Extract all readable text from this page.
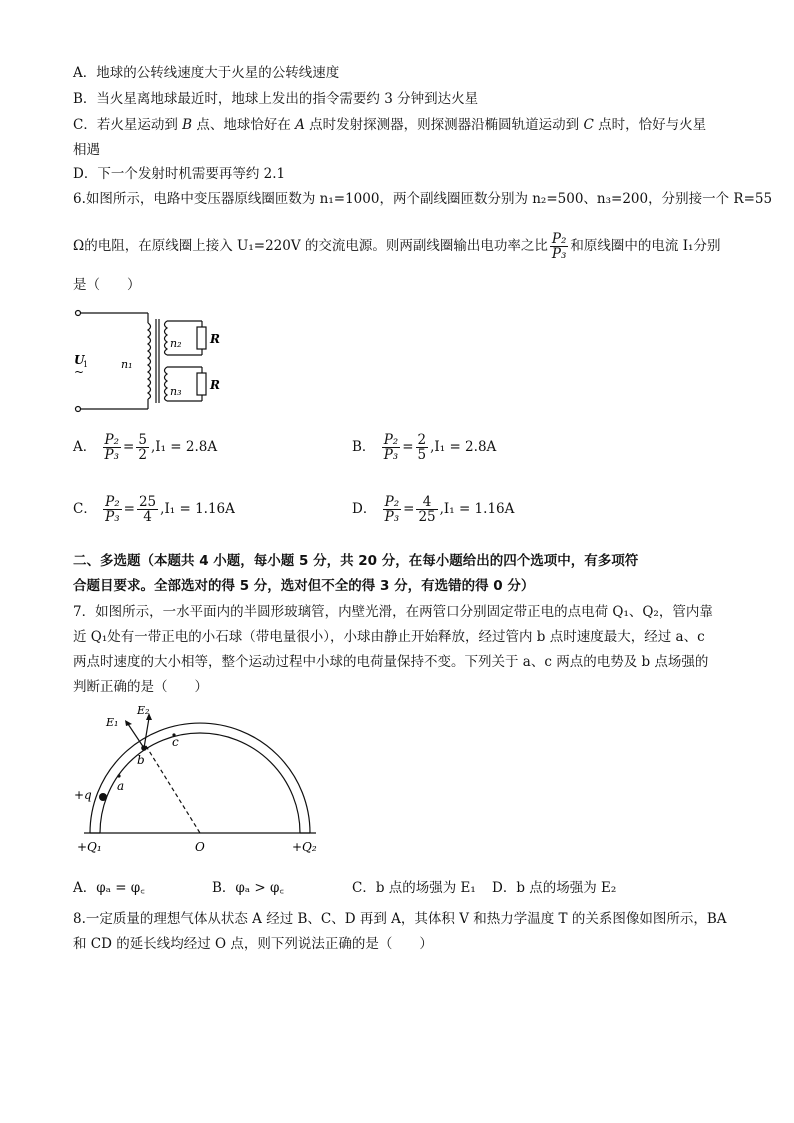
A．地球的公转线速度大于火星的公转线速度
B．当火星离地球最近时，地球上发出的指令需要约 3 分钟到达火星
C．若火星运动到 B 点、地球恰好在 A 点时发射探测器，则探测器沿椭圆轨道运动到 C 点时，恰好与火星
相遇
D．下一个发射时机需要再等约 2.1
6.如图所示，电路中变压器原线圈匝数为 n₁=1000，两个副线圈匝数分别为 n₂=500、n₃=200，分别接一个 R=55
Ω的电阻，在原线圈上接入 U₁=220V 的交流电源。则两副线圈输出电功率之比 $\frac{\text{P₂}}{\text{P₃}}$ 和原线圈中的电流 I₁分别
是（　　）
U
1
~
n₁
n₂
n₃
R
R
A． $\frac{\text{P₂}}{\text{P₃}} = \frac{5}{2} ,I_1 = 2.8A$	B． $\frac{\text{P₂}}{\text{P₃}} = \frac{2}{5} ,I_1 = 2.8A$
C． $\frac{\text{P₂}}{\text{P₃}} = \frac{25}{4} ,I_1 = 1.16A$	D． $\frac{\text{P₂}}{\text{P₃}} = \frac{4}{25} ,I_1 = 1.16A$
二、多选题（本题共 4 小题，每小题 5 分，共 20 分，在每小题给出的四个选项中，有多项符
合题目要求。全部选对的得 5 分，选对但不全的得 3 分，有选错的得 0 分）
7．如图所示，一水平面内的半圆形玻璃管，内壁光滑，在两管口分别固定带正电的点电荷 Q₁、Q₂，管内靠
近 Q₁处有一带正电的小石球（带电量很小），小球由静止开始释放，经过管内 b 点时速度最大，经过 a、c
两点时速度的大小相等，整个运动过程中小球的电荷量保持不变。下列关于 a、c 两点的电势及 b 点场强的
判断正确的是（　　）
E₁
E₂
b
c
a
+q
+Q₁	O	+Q₂
A．φₐ = φ꜀	B．φₐ > φ꜀	C．b 点的场强为 E₁ D．b 点的场强为 E₂
8.一定质量的理想气体从状态 A 经过 B、C、D 再到 A，其体积 V 和热力学温度 T 的关系图像如图所示，BA
和 CD 的延长线均经过 O 点，则下列说法正确的是（　　）
